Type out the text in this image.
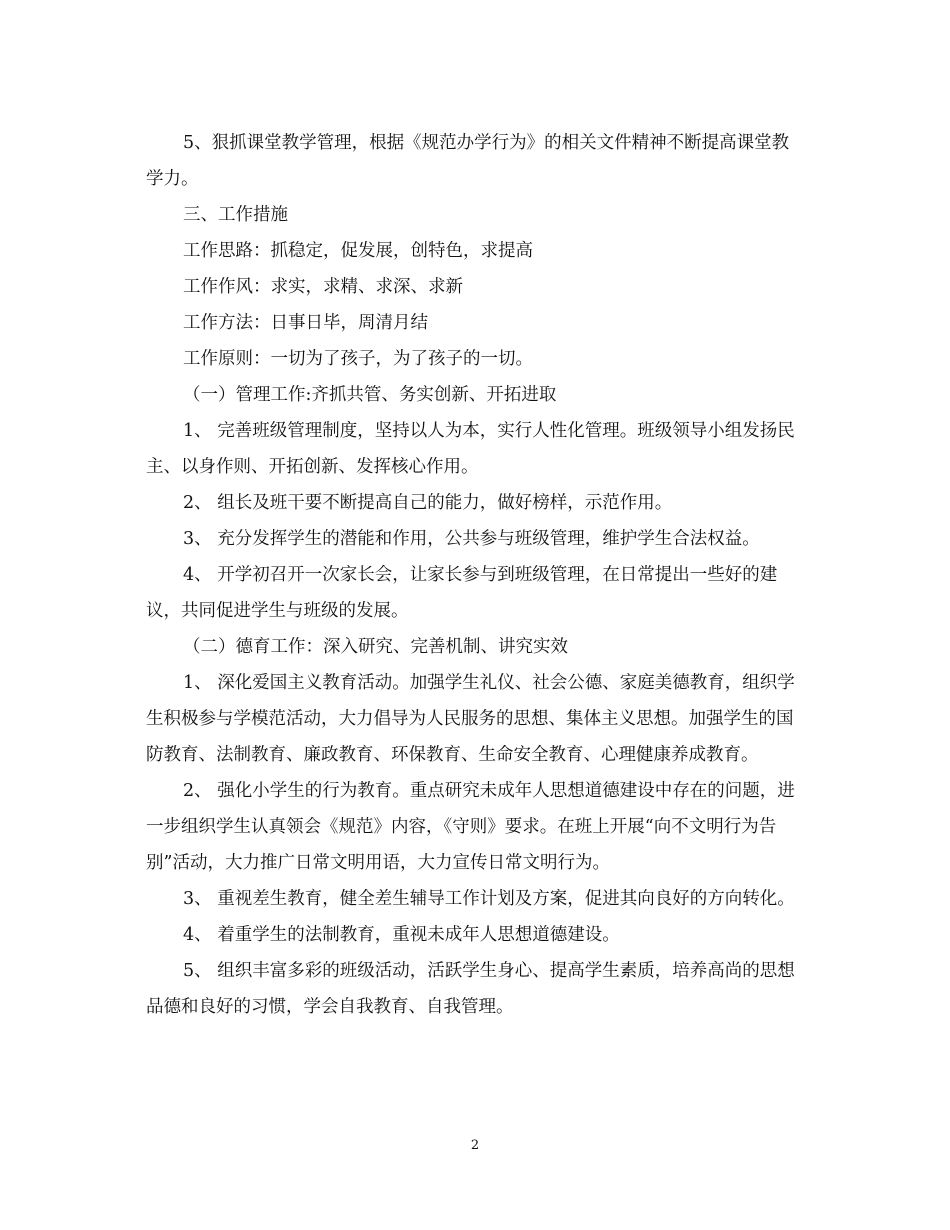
5、狠抓课堂教学管理，根据《规范办学行为》的相关文件精神不断提高课堂教学力。

三、工作措施

工作思路：抓稳定，促发展，创特色，求提高

工作作风：求实，求精、求深、求新

工作方法：日事日毕，周清月结

工作原则：一切为了孩子，为了孩子的一切。

（一）管理工作:齐抓共管、务实创新、开拓进取

1、 完善班级管理制度，坚持以人为本，实行人性化管理。班级领导小组发扬民主、以身作则、开拓创新、发挥核心作用。

2、 组长及班干要不断提高自己的能力，做好榜样，示范作用。

3、 充分发挥学生的潜能和作用，公共参与班级管理，维护学生合法权益。

4、 开学初召开一次家长会，让家长参与到班级管理，在日常提出一些好的建议，共同促进学生与班级的发展。

（二）德育工作：深入研究、完善机制、讲究实效

1、 深化爱国主义教育活动。加强学生礼仪、社会公德、家庭美德教育，组织学生积极参与学模范活动，大力倡导为人民服务的思想、集体主义思想。加强学生的国防教育、法制教育、廉政教育、环保教育、生命安全教育、心理健康养成教育。

2、 强化小学生的行为教育。重点研究未成年人思想道德建设中存在的问题，进一步组织学生认真领会《规范》内容，《守则》要求。在班上开展“向不文明行为告别”活动，大力推广日常文明用语，大力宣传日常文明行为。

3、 重视差生教育，健全差生辅导工作计划及方案，促进其向良好的方向转化。

4、 着重学生的法制教育，重视未成年人思想道德建设。

5、 组织丰富多彩的班级活动，活跃学生身心、提高学生素质，培养高尚的思想品德和良好的习惯，学会自我教育、自我管理。

2
